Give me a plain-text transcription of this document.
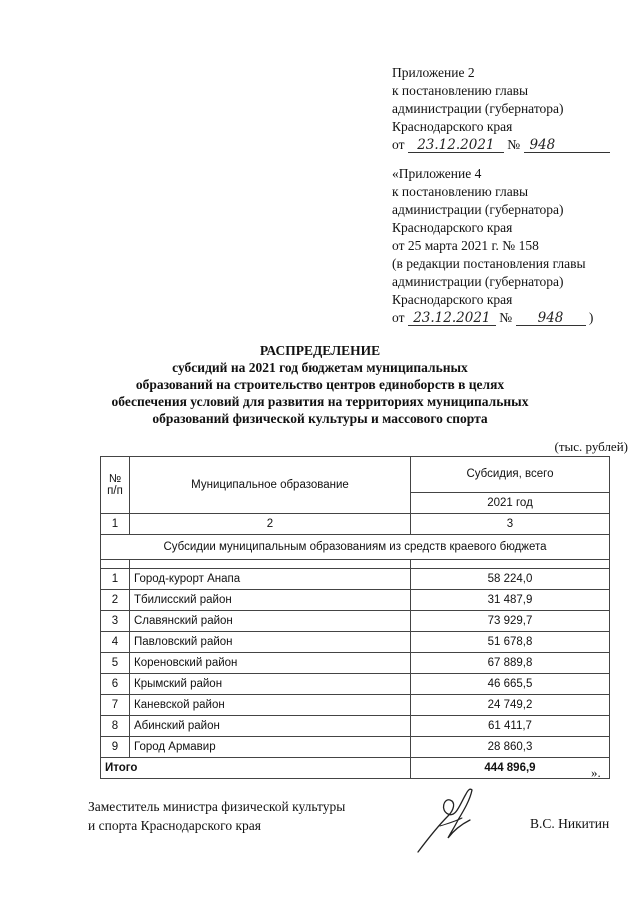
Приложение 2
к постановлению главы
администрации (губернатора)
Краснодарского края
от 23.12.2021 № 948
«Приложение 4
к постановлению главы
администрации (губернатора)
Краснодарского края
от 25 марта 2021 г. № 158
(в редакции постановления главы
администрации (губернатора)
Краснодарского края
от 23.12.2021 № 948 )
РАСПРЕДЕЛЕНИЕ
субсидий на 2021 год бюджетам муниципальных
образований на строительство центров единоборств в целях
обеспечения условий для развития на территориях муниципальных
образований физической культуры и массового спорта
(тыс. рублей)
№ п/п	Муниципальное образование	Субсидия, всего
		2021 год
1	2	3
Субсидии муниципальным образованиям из средств краевого бюджета		

1	Город-курорт Анапа	58 224,0
2	Тбилисский район	31 487,9
3	Славянский район	73 929,7
4	Павловский район	51 678,8
5	Кореновский район	67 889,8
6	Крымский район	46 665,5
7	Каневской район	24 749,2
8	Абинский район	61 411,7
9	Город Армавир	28 860,3
Итого		444 896,9	».
Заместитель министра физической культуры
и спорта Краснодарского края	В.С. Никитин
